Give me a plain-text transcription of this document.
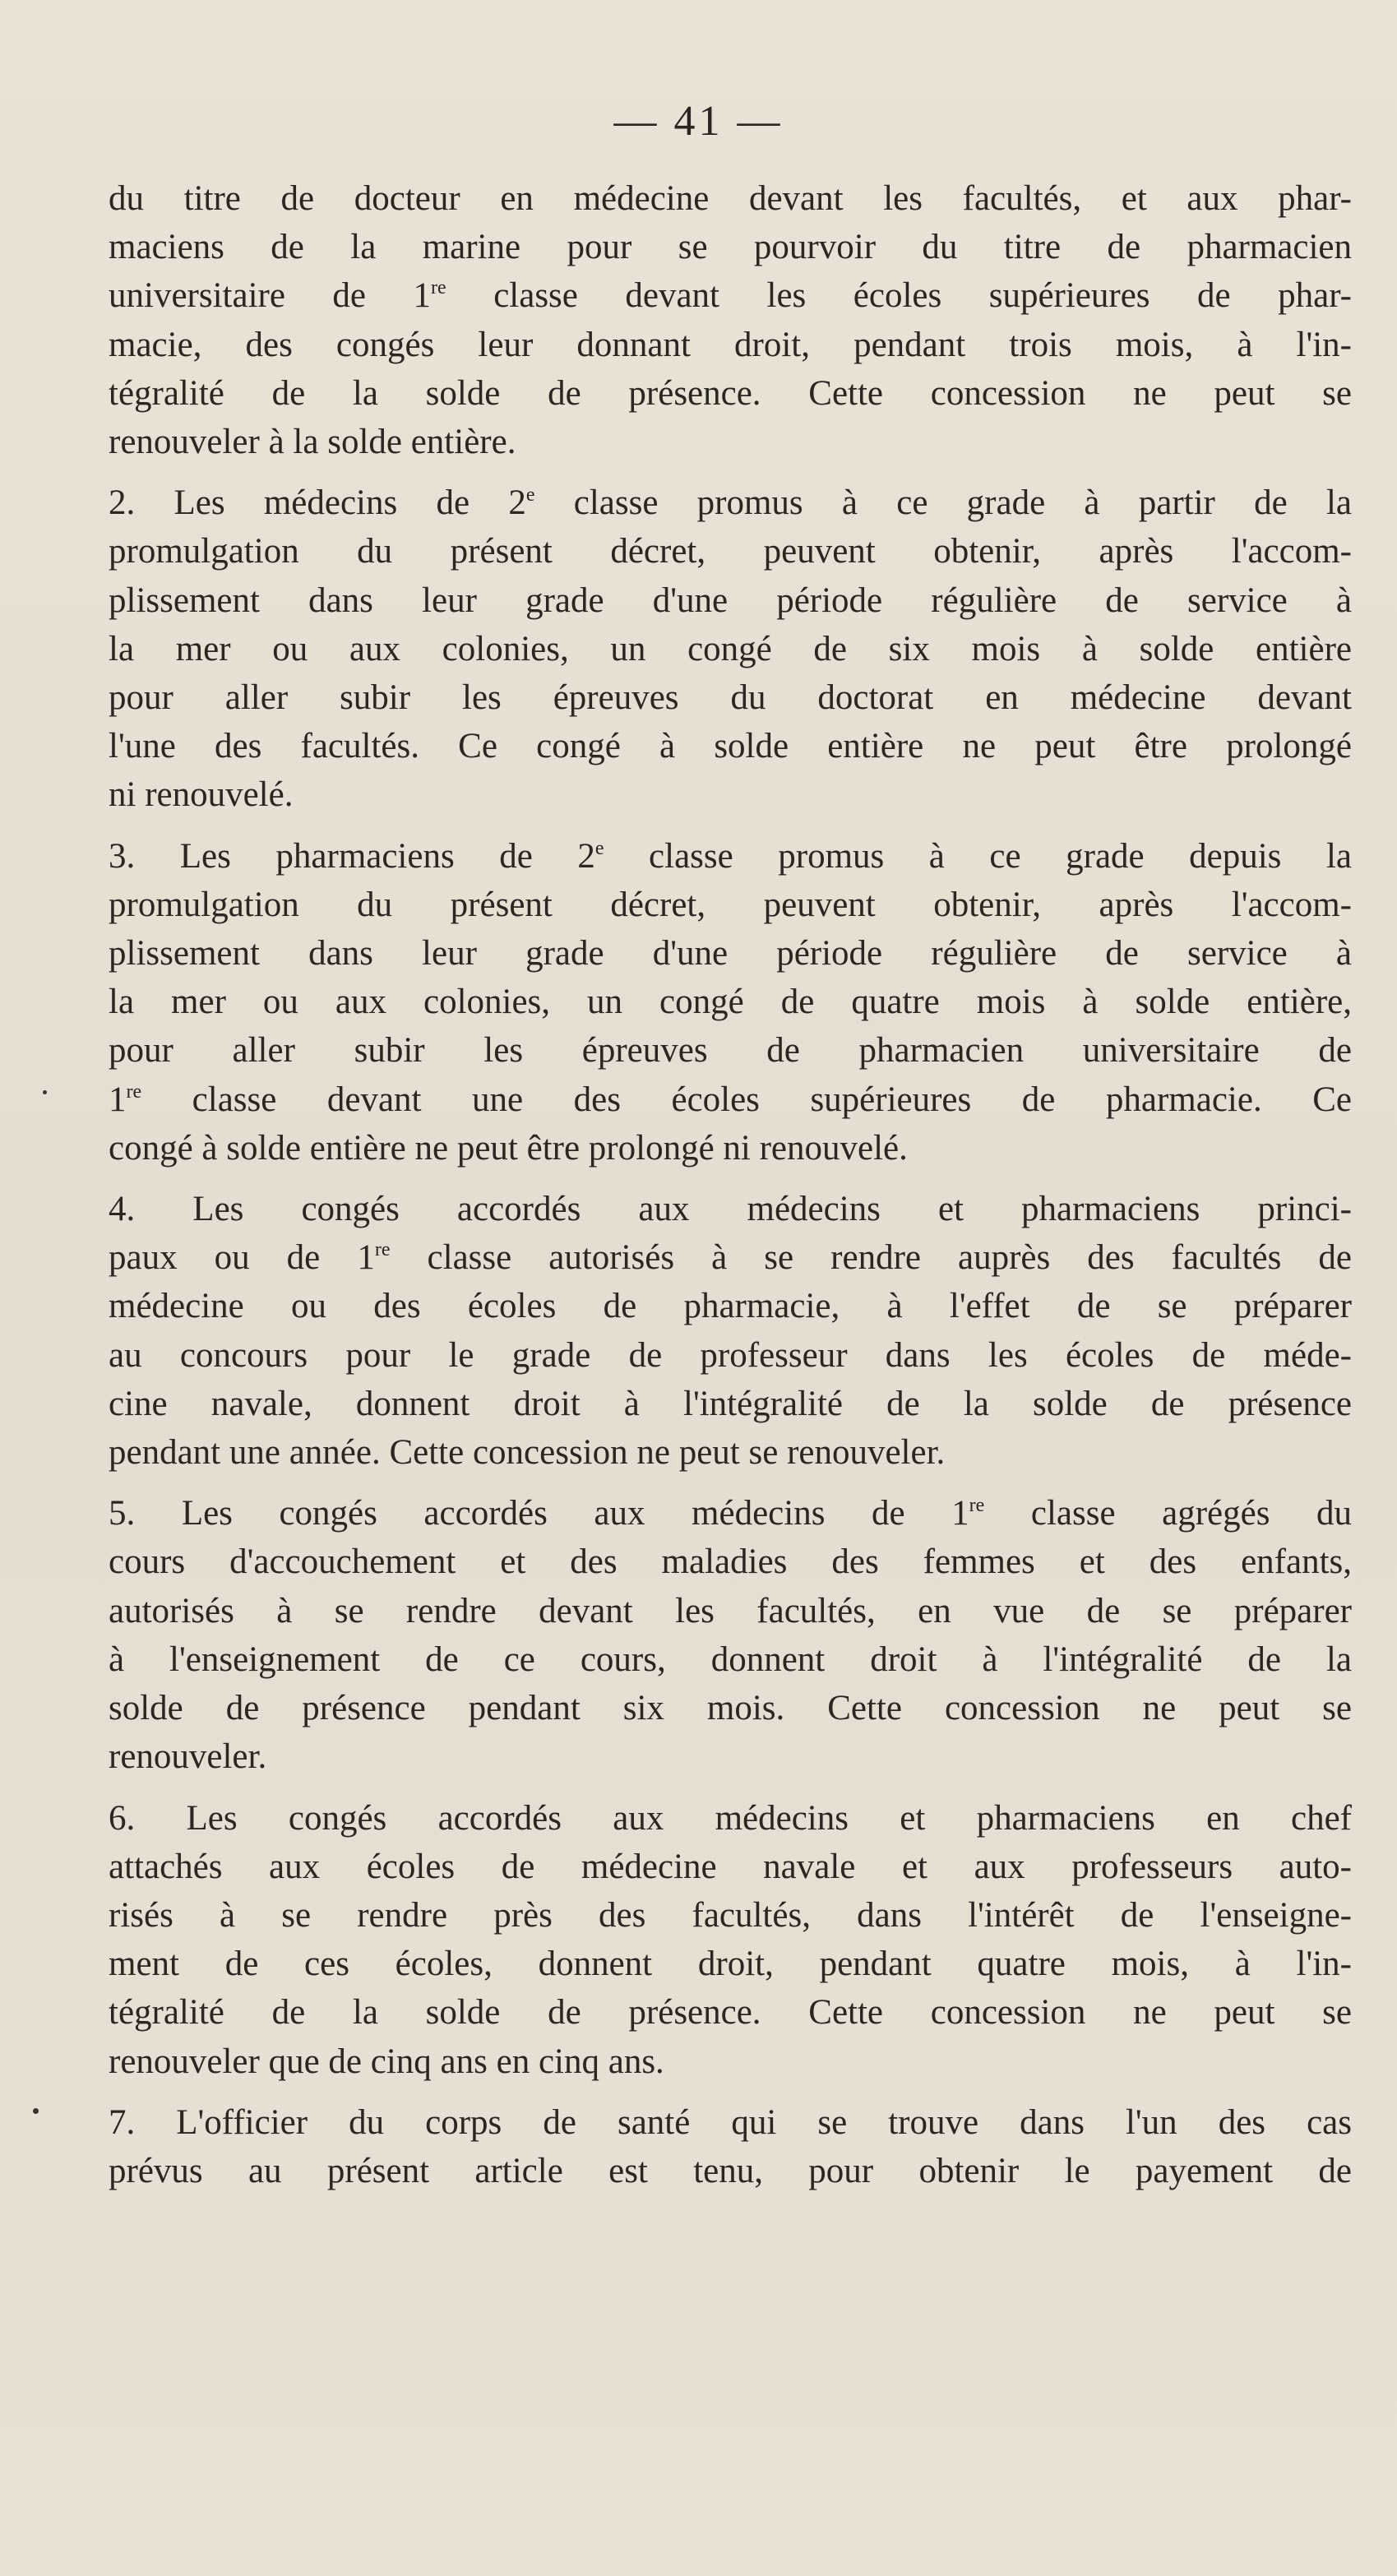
— 41 —

du titre de docteur en médecine devant les facultés, et aux phar-
maciens de la marine pour se pourvoir du titre de pharmacien
universitaire de 1re classe devant les écoles supérieures de phar-
macie, des congés leur donnant droit, pendant trois mois, à l'in-
tégralité de la solde de présence. Cette concession ne peut se
renouveler à la solde entière.

2. Les médecins de 2e classe promus à ce grade à partir de la
promulgation du présent décret, peuvent obtenir, après l'accom-
plissement dans leur grade d'une période régulière de service à
la mer ou aux colonies, un congé de six mois à solde entière
pour aller subir les épreuves du doctorat en médecine devant
l'une des facultés. Ce congé à solde entière ne peut être prolongé
ni renouvelé.

3. Les pharmaciens de 2e classe promus à ce grade depuis la
promulgation du présent décret, peuvent obtenir, après l'accom-
plissement dans leur grade d'une période régulière de service à
la mer ou aux colonies, un congé de quatre mois à solde entière,
pour aller subir les épreuves de pharmacien universitaire de
1re classe devant une des écoles supérieures de pharmacie. Ce
congé à solde entière ne peut être prolongé ni renouvelé.

4. Les congés accordés aux médecins et pharmaciens princi-
paux ou de 1re classe autorisés à se rendre auprès des facultés de
médecine ou des écoles de pharmacie, à l'effet de se préparer
au concours pour le grade de professeur dans les écoles de méde-
cine navale, donnent droit à l'intégralité de la solde de présence
pendant une année. Cette concession ne peut se renouveler.

5. Les congés accordés aux médecins de 1re classe agrégés du
cours d'accouchement et des maladies des femmes et des enfants,
autorisés à se rendre devant les facultés, en vue de se préparer
à l'enseignement de ce cours, donnent droit à l'intégralité de la
solde de présence pendant six mois. Cette concession ne peut se
renouveler.

6. Les congés accordés aux médecins et pharmaciens en chef
attachés aux écoles de médecine navale et aux professeurs auto-
risés à se rendre près des facultés, dans l'intérêt de l'enseigne-
ment de ces écoles, donnent droit, pendant quatre mois, à l'in-
tégralité de la solde de présence. Cette concession ne peut se
renouveler que de cinq ans en cinq ans.

7. L'officier du corps de santé qui se trouve dans l'un des cas
prévus au présent article est tenu, pour obtenir le payement de
